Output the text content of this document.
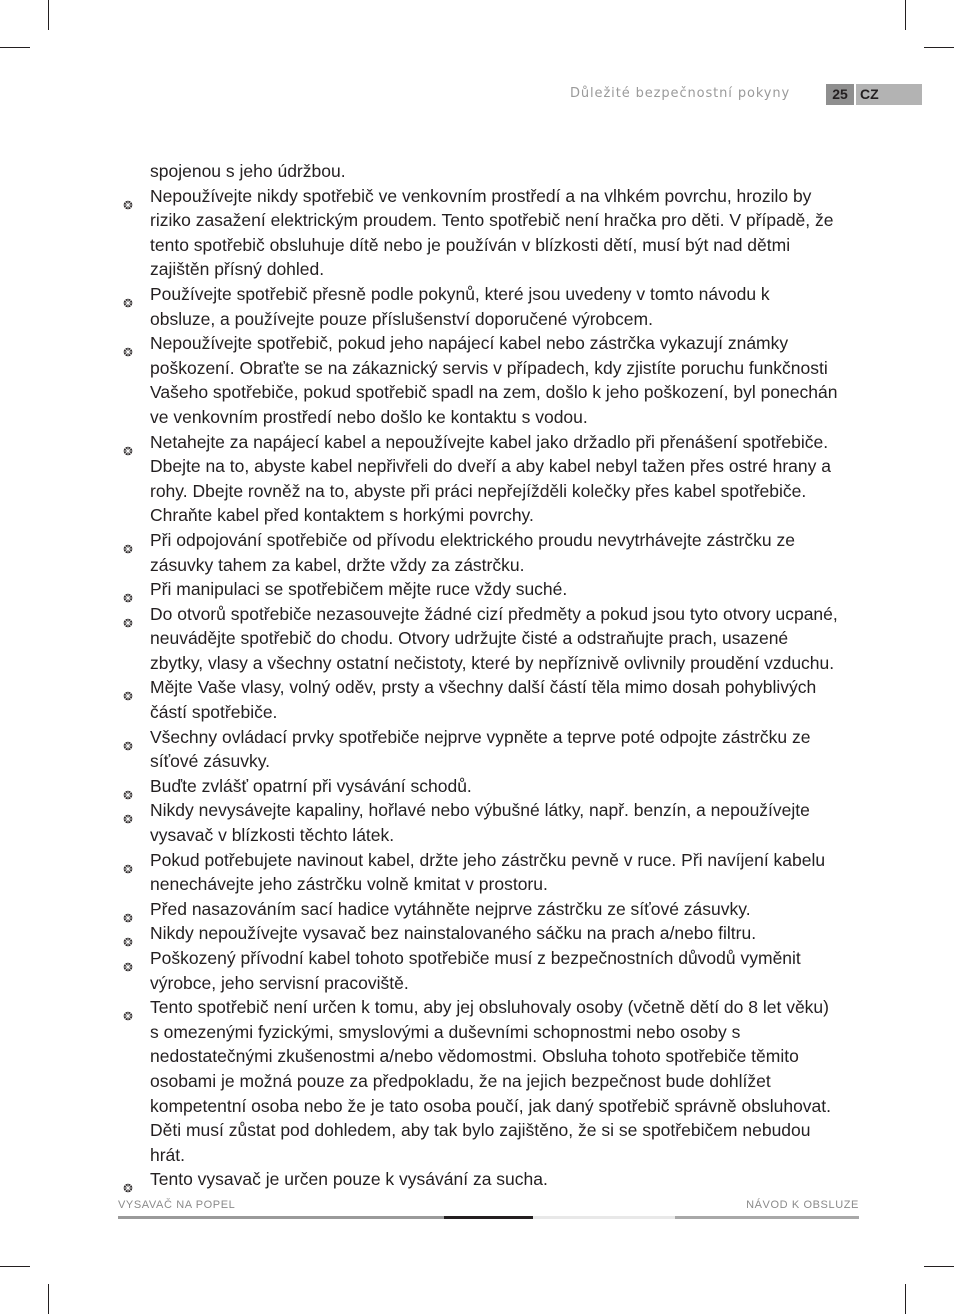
Důležité bezpečnostní pokyny	25 CZ

spojenou s jeho údržbou.

Nepoužívejte nikdy spotřebič ve venkovním prostředí a na vlhkém povrchu, hrozilo by riziko zasažení elektrickým proudem. Tento spotřebič není hračka pro děti. V případě, že tento spotřebič obsluhuje dítě nebo je používán v blízkosti dětí, musí být nad dětmi zajištěn přísný dohled.
Používejte spotřebič přesně podle pokynů, které jsou uvedeny v tomto návodu k obsluze, a používejte pouze příslušenství doporučené výrobcem.
Nepoužívejte spotřebič, pokud jeho napájecí kabel nebo zástrčka vykazují známky poškození. Obraťte se na zákaznický servis v případech, kdy zjistíte poruchu funkčnosti Vašeho spotřebiče, pokud spotřebič spadl na zem, došlo k jeho poškození, byl ponechán ve venkovním prostředí nebo došlo ke kontaktu s vodou.
Netahejte za napájecí kabel a nepoužívejte kabel jako držadlo při přenášení spotřebiče. Dbejte na to, abyste kabel nepřivřeli do dveří a aby kabel nebyl tažen přes ostré hrany a rohy. Dbejte rovněž na to, abyste při práci nepřejížděli kolečky přes kabel spotřebiče. Chraňte kabel před kontaktem s horkými povrchy.
Při odpojování spotřebiče od přívodu elektrického proudu nevytrhávejte zástrčku ze zásuvky tahem za kabel, držte vždy za zástrčku.
Při manipulaci se spotřebičem mějte ruce vždy suché.
Do otvorů spotřebiče nezasouvejte žádné cizí předměty a pokud jsou tyto otvory ucpané, neuvádějte spotřebič do chodu. Otvory udržujte čisté a odstraňujte prach, usazené zbytky, vlasy a všechny ostatní nečistoty, které by nepříznivě ovlivnily proudění vzduchu.
Mějte Vaše vlasy, volný oděv, prsty a všechny další částí těla mimo dosah pohyblivých částí spotřebiče.
Všechny ovládací prvky spotřebiče nejprve vypněte a teprve poté odpojte zástrčku ze síťové zásuvky.
Buďte zvlášť opatrní při vysávání schodů.
Nikdy nevysávejte kapaliny, hořlavé nebo výbušné látky, např. benzín, a nepoužívejte vysavač v blízkosti těchto látek.
Pokud potřebujete navinout kabel, držte jeho zástrčku pevně v ruce. Při navíjení kabelu nenechávejte jeho zástrčku volně kmitat v prostoru.
Před nasazováním sací hadice vytáhněte nejprve zástrčku ze síťové zásuvky.
Nikdy nepoužívejte vysavač bez nainstalovaného sáčku na prach a/nebo filtru.
Poškozený přívodní kabel tohoto spotřebiče musí z bezpečnostních důvodů vyměnit výrobce, jeho servisní pracoviště.
Tento spotřebič není určen k tomu, aby jej obsluhovaly osoby (včetně dětí do 8 let věku) s omezenými fyzickými, smyslovými a duševními schopnostmi nebo osoby s nedostatečnými zkušenostmi a/nebo vědomostmi. Obsluha tohoto spotřebiče těmito osobami je možná pouze za předpokladu, že na jejich bezpečnost bude dohlížet kompetentní osoba nebo že je tato osoba poučí, jak daný spotřebič správně obsluhovat. Děti musí zůstat pod dohledem, aby tak bylo zajištěno, že si se spotřebičem nebudou hrát.
Tento vysavač je určen pouze k vysávání za sucha.
VYSAVAČ NA POPEL	NÁVOD K OBSLUZE
